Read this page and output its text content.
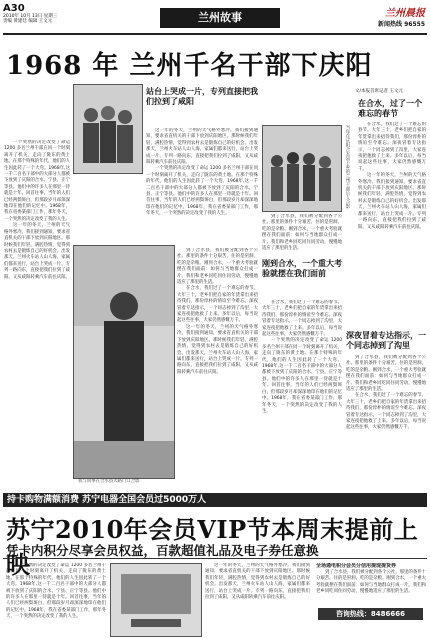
A30
2010年 10月 13日 星期三
责编 黄建廷 编辑 王文元	兰州故事	兰州晨报
新闻热线 96555
1968 年 兰州千名干部下庆阳
文/本报首席记者 王文元

一个突然的决定改变了命运 1200 多名兰州干部在同一个时刻离开了机关，走向了陇东的黄土地。在那个特殊的年代，他们的人生因此转了一个大弯。1968年,这一千二百名干部中的大部分人都被下放到了庆阳的合水、宁县、正宁等县。他们中的许多人在那里一待就是十年。回首往事，当年的人们已经两鬓斑白，但那段岁月却深深地印在他们的记忆中。1968年，我在省委某部门工作，那年冬天，一个突然的决定改变了我的人生。

这一年的冬天，兰州的天气格外寒冷。我们接到通知，要求省直机关的干部下放到庆阳地区。那时候我们年轻，满腔热情，觉得到农村去是锻炼自己的好机会。出发那天，兰州火车站人山人海，家属们都来送行，站台上哭成一片。专列一路向东，直接把我们拉到了咸阳，又从咸阳转乘汽车前往庆阳。

站台上哭成一片，专列直接把我们拉到了咸阳

这一年的冬天，兰州的天气格外寒冷。我们接到通知，要求省直机关的干部下放到庆阳地区。那时候我们年轻，满腔热情，觉得到农村去是锻炼自己的好机会。出发那天，兰州火车站人山人海，家属们都来送行，站台上哭成一片。专列一路向东，直接把我们拉到了咸阳，又从咸阳转乘汽车前往庆阳。

一个突然的决定改变了命运 1200 多名兰州干部在同一个时刻离开了机关，走向了陇东的黄土地。在那个特殊的年代，他们的人生因此转了一个大弯。1968年,这一千二百名干部中的大部分人都被下放到了庆阳的合水、宁县、正宁等县。他们中的许多人在那里一待就是十年。回首往事，当年的人们已经两鬓斑白，但那段岁月却深深地印在他们的记忆中。1968年，我在省委某部门工作，那年冬天，一个突然的决定改变了我的人生。

我与同事在合水县大路门口合影

到了合水县，我们被分配到各个公社。那里的条件十分艰苦，住的是窑洞，吃的是杂粮。刚到合水，一个重大考验就摆在我们面前：如何与当地群众打成一片。我们和老乡同吃同住同劳动，慢慢地适应了那里的生活。

在合水，我们过了一个难忘的春节。大年三十，老乡们把自家的年货拿出来招待我们，那份淳朴的情谊至今难忘。深夜冒着专达指示，一个同志掉到了沟里，大家连夜把他救了上来。多年以后，每当说起这些往事，大家仍然感慨万千。

这一年的冬天，兰州的天气格外寒冷。我们接到通知，要求省直机关的干部下放到庆阳地区。那时候我们年轻，满腔热情，觉得到农村去是锻炼自己的好机会。出发那天，兰州火车站人山人海，家属们都来送行，站台上哭成一片。专列一路向东，直接把我们拉到了咸阳，又从咸阳转乘汽车前往庆阳。

当年在庆阳合水县下乡的兰州干部后人合影
刚到合水，一个重大考验就摆在我们面前

到了合水县，我们被分配到各个公社。那里的条件十分艰苦，住的是窑洞，吃的是杂粮。刚到合水，一个重大考验就摆在我们面前：如何与当地群众打成一片。我们和老乡同吃同住同劳动，慢慢地适应了那里的生活。

在合水，我们过了一个难忘的春节。大年三十，老乡们把自家的年货拿出来招待我们，那份淳朴的情谊至今难忘。深夜冒着专达指示，一个同志掉到了沟里，大家连夜把他救了上来。多年以后，每当说起这些往事，大家仍然感慨万千。

一个突然的决定改变了命运 1200 多名兰州干部在同一个时刻离开了机关，走向了陇东的黄土地。在那个特殊的年代，他们的人生因此转了一个大弯。1968年,这一千二百名干部中的大部分人都被下放到了庆阳的合水、宁县、正宁等县。他们中的许多人在那里一待就是十年。回首往事，当年的人们已经两鬓斑白，但那段岁月却深深地印在他们的记忆中。1968年，我在省委某部门工作，那年冬天，一个突然的决定改变了我的人生。

在合水，过了一个难忘的春节

在合水，我们过了一个难忘的春节。大年三十，老乡们把自家的年货拿出来招待我们，那份淳朴的情谊至今难忘。深夜冒着专达指示，一个同志掉到了沟里，大家连夜把他救了上来。多年以后，每当说起这些往事，大家仍然感慨万千。

这一年的冬天，兰州的天气格外寒冷。我们接到通知，要求省直机关的干部下放到庆阳地区。那时候我们年轻，满腔热情，觉得到农村去是锻炼自己的好机会。出发那天，兰州火车站人山人海，家属们都来送行，站台上哭成一片。专列一路向东，直接把我们拉到了咸阳，又从咸阳转乘汽车前往庆阳。

深夜冒着专达指示，一个同志掉到了沟里

到了合水县，我们被分配到各个公社。那里的条件十分艰苦，住的是窑洞，吃的是杂粮。刚到合水，一个重大考验就摆在我们面前：如何与当地群众打成一片。我们和老乡同吃同住同劳动，慢慢地适应了那里的生活。

在合水，我们过了一个难忘的春节。大年三十，老乡们把自家的年货拿出来招待我们，那份淳朴的情谊至今难忘。深夜冒着专达指示，一个同志掉到了沟里，大家连夜把他救了上来。多年以后，每当说起这些往事，大家仍然感慨万千。

持卡购物满额消费 苏宁电器全国会员过5000万人
苏宁2010年会员VIP节本周末提前上映
凭卡内积分尽享会员权益，百款超值礼品及电子券任意换

一个突然的决定改变了命运 1200 多名兰州干部在同一个时刻离开了机关，走向了陇东的黄土地。在那个特殊的年代，他们的人生因此转了一个大弯。1968年,这一千二百名干部中的大部分人都被下放到了庆阳的合水、宁县、正宁等县。他们中的许多人在那里一待就是十年。回首往事，当年的人们已经两鬓斑白，但那段岁月却深深地印在他们的记忆中。1968年，我在省委某部门工作，那年冬天，一个突然的决定改变了我的人生。

这一年的冬天，兰州的天气格外寒冷。我们接到通知，要求省直机关的干部下放到庆阳地区。那时候我们年轻，满腔热情，觉得到农村去是锻炼自己的好机会。出发那天，兰州火车站人山人海，家属们都来送行，站台上哭成一片。专列一路向东，直接把我们拉到了咸阳，又从咸阳转乘汽车前往庆阳。

全场通电积分会员分信用提现提货券

到了合水县，我们被分配到各个公社。那里的条件十分艰苦，住的是窑洞，吃的是杂粮。刚到合水，一个重大考验就摆在我们面前：如何与当地群众打成一片。我们和老乡同吃同住同劳动，慢慢地适应了那里的生活。

咨询热线：8486666
